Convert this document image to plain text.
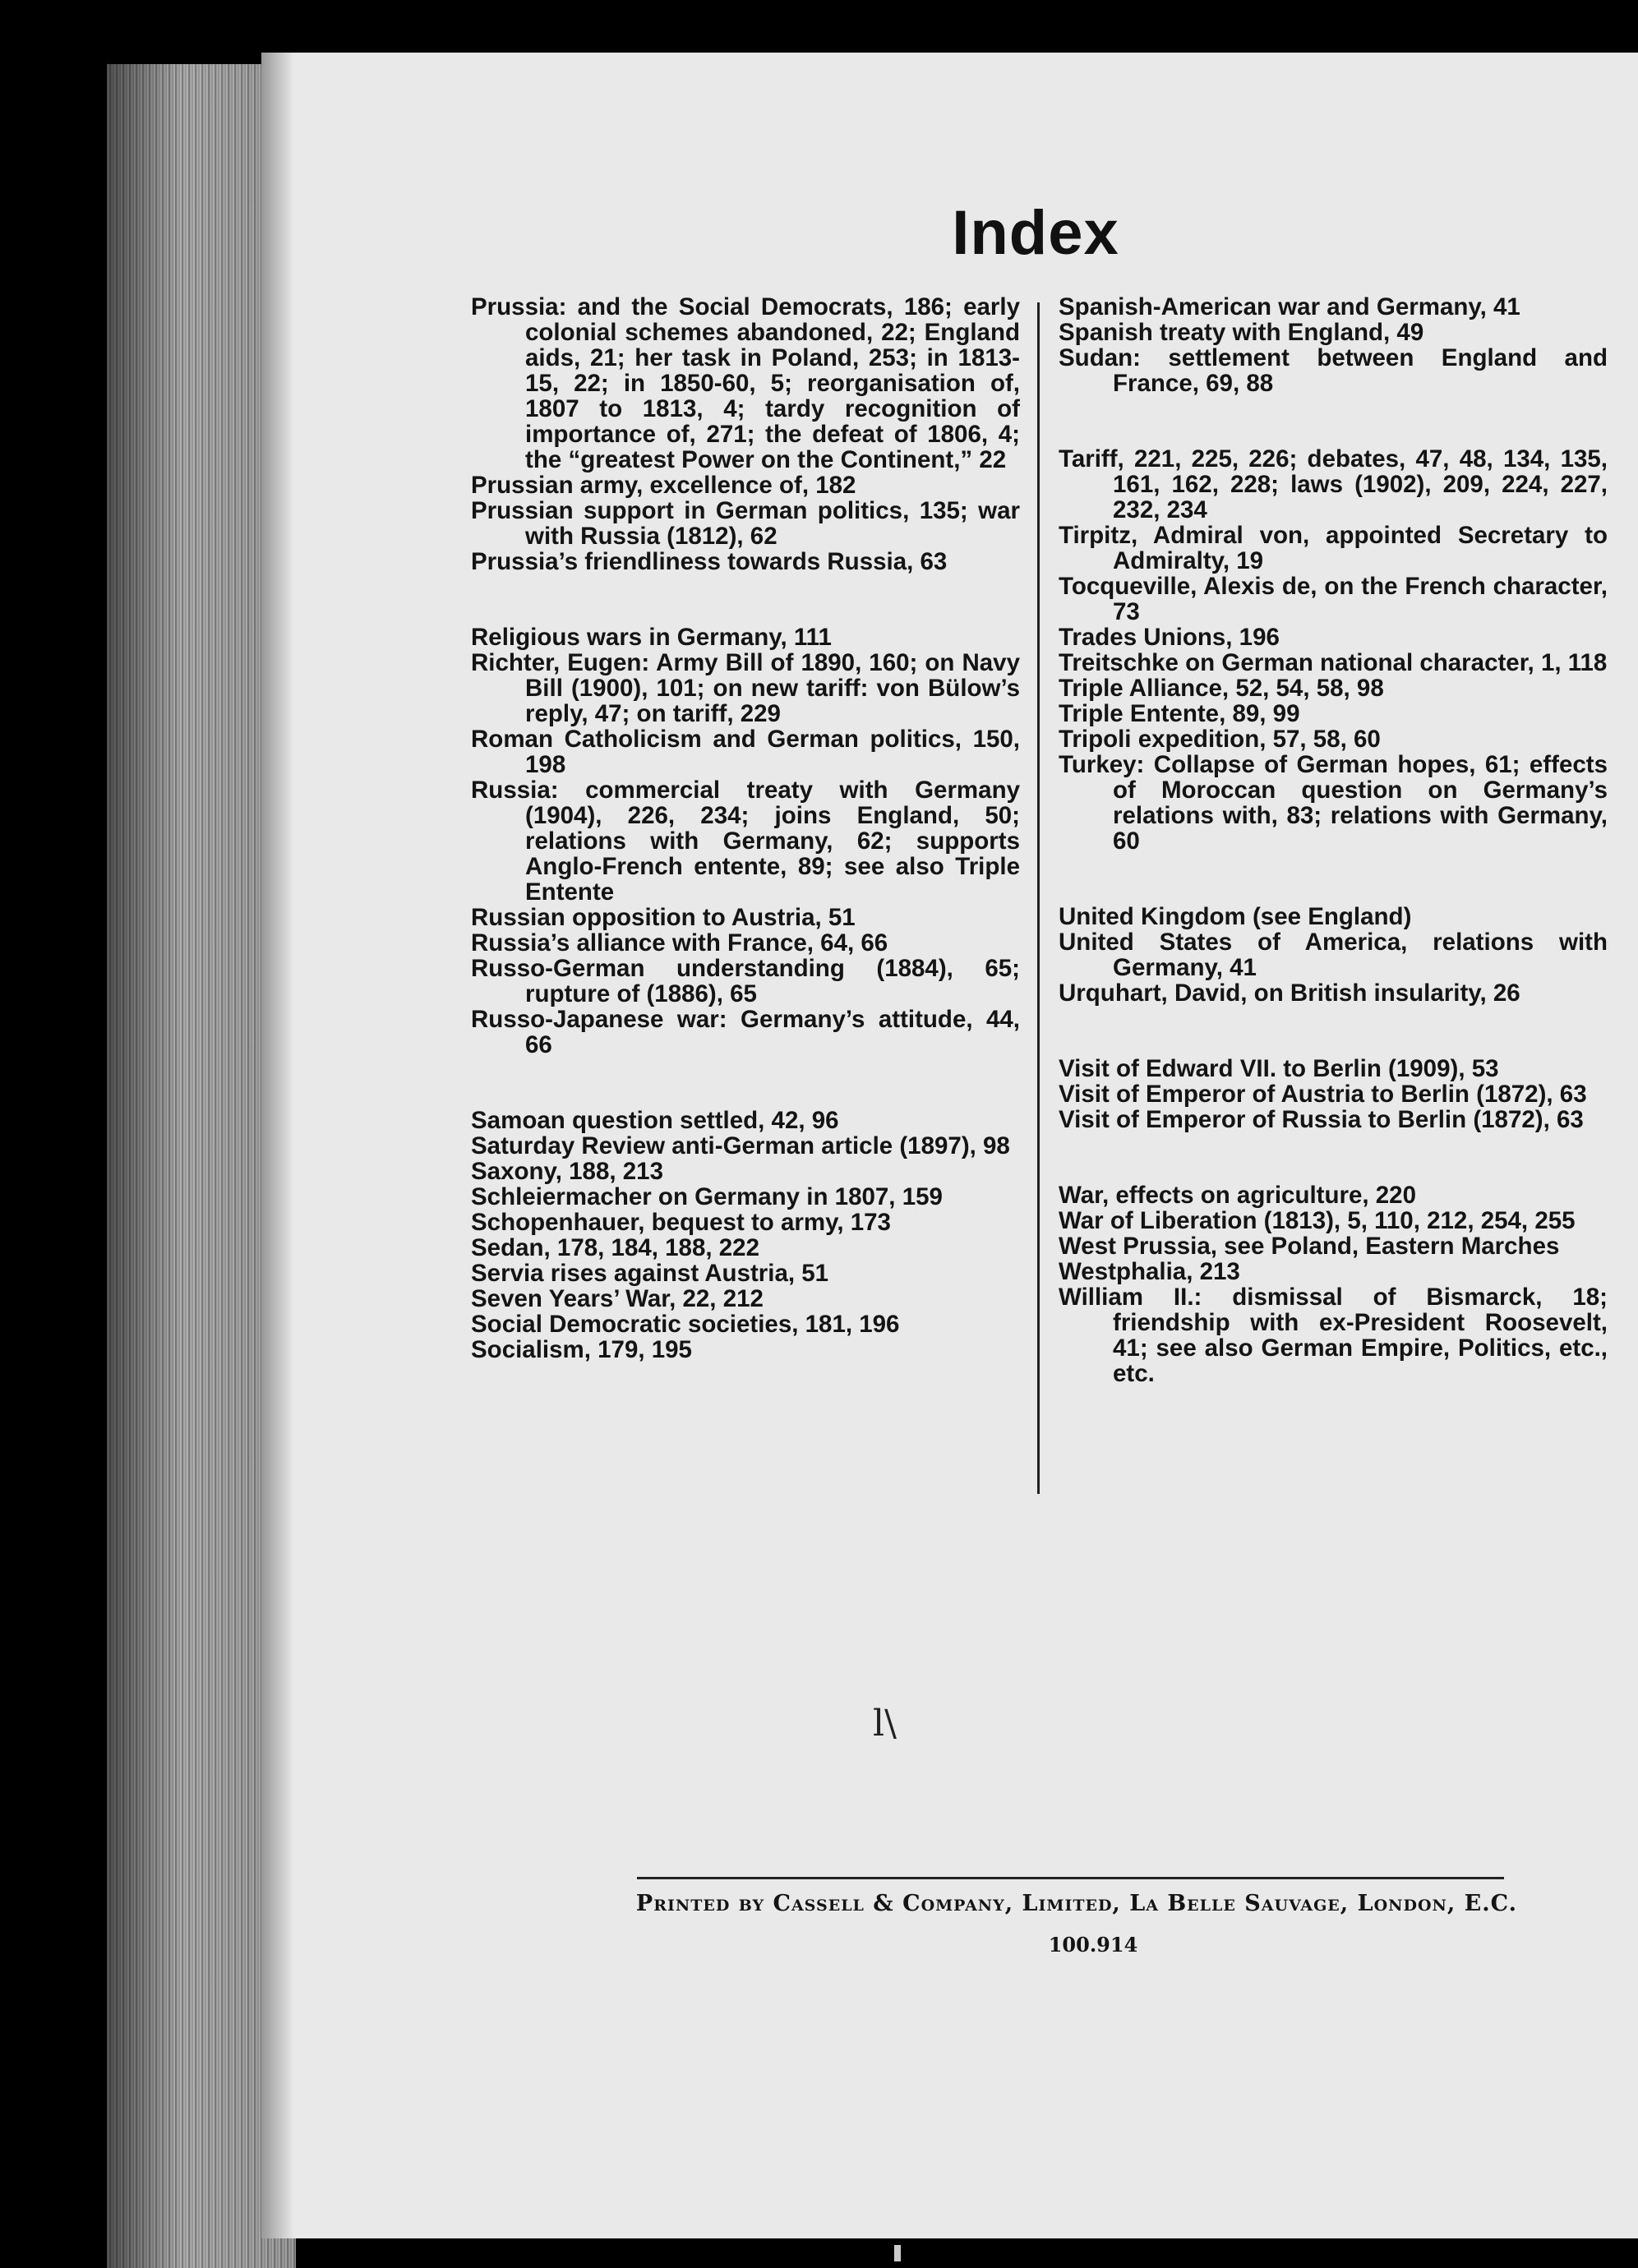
Index
Prussia: and the Social Democrats, 186; early colonial schemes abandoned, 22; England aids, 21; her task in Poland, 253; in 1813-15, 22; in 1850-60, 5; reorganisation of, 1807 to 1813, 4; tardy recognition of importance of, 271; the defeat of 1806, 4; the “greatest Power on the Continent,” 22
Prussian army, excellence of, 182
Prussian support in German politics, 135; war with Russia (1812), 62
Prussia’s friendliness towards Russia, 63
Religious wars in Germany, 111
Richter, Eugen: Army Bill of 1890, 160; on Navy Bill (1900), 101; on new tariff: von Bülow’s reply, 47; on tariff, 229
Roman Catholicism and German politics, 150, 198
Russia: commercial treaty with Germany (1904), 226, 234; joins England, 50; relations with Germany, 62; supports Anglo-French entente, 89; see also Triple Entente
Russian opposition to Austria, 51
Russia’s alliance with France, 64, 66
Russo-German understanding (1884), 65; rupture of (1886), 65
Russo-Japanese war: Germany’s attitude, 44, 66
Samoan question settled, 42, 96
Saturday Review anti-German article (1897), 98
Saxony, 188, 213
Schleiermacher on Germany in 1807, 159
Schopenhauer, bequest to army, 173
Sedan, 178, 184, 188, 222
Servia rises against Austria, 51
Seven Years’ War, 22, 212
Social Democratic societies, 181, 196
Socialism, 179, 195
Spanish-American war and Germany, 41
Spanish treaty with England, 49
Sudan: settlement between England and France, 69, 88
Tariff, 221, 225, 226; debates, 47, 48, 134, 135, 161, 162, 228; laws (1902), 209, 224, 227, 232, 234
Tirpitz, Admiral von, appointed Secretary to Admiralty, 19
Tocqueville, Alexis de, on the French character, 73
Trades Unions, 196
Treitschke on German national character, 1, 118
Triple Alliance, 52, 54, 58, 98
Triple Entente, 89, 99
Tripoli expedition, 57, 58, 60
Turkey: Collapse of German hopes, 61; effects of Moroccan question on Germany’s relations with, 83; relations with Germany, 60
United Kingdom (see England)
United States of America, relations with Germany, 41
Urquhart, David, on British insularity, 26
Visit of Edward VII. to Berlin (1909), 53
Visit of Emperor of Austria to Berlin (1872), 63
Visit of Emperor of Russia to Berlin (1872), 63
War, effects on agriculture, 220
War of Liberation (1813), 5, 110, 212, 254, 255
West Prussia, see Poland, Eastern Marches
Westphalia, 213
William II.: dismissal of Bismarck, 18; friendship with ex-President Roosevelt, 41; see also German Empire, Politics, etc., etc.
l\
Printed by Cassell & Company, Limited, La Belle Sauvage, London, E.C.
100.914
